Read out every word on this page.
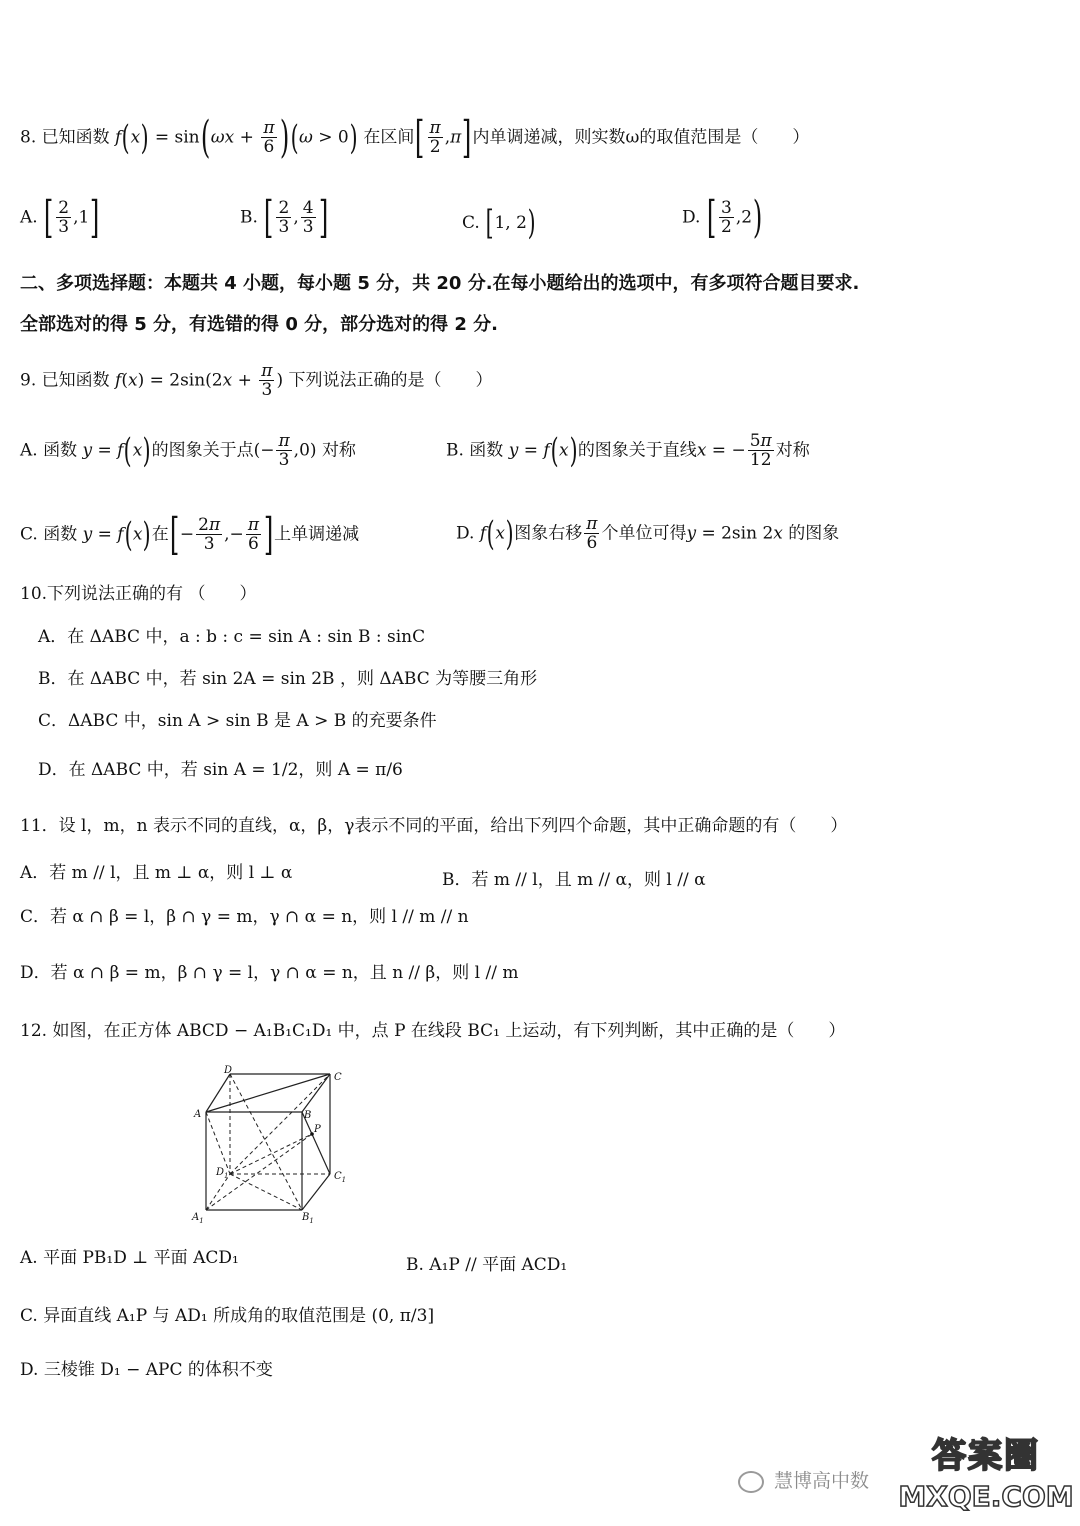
8. 已知函数 $f(x) = \sin(\omega x + \frac{\pi}{6} )(\omega > 0)$ 在区间[ $\frac{\pi}{2} ,\pi$]内单调递减，则实数ω的取值范围是（　　）
A. [ $\frac{2}{3} ,1$]	B. [ $\frac{2}{3}$ , $\frac{4}{3}$ ]	C. [1, 2)	D. [ $\frac{3}{2} ,2$)
二、多项选择题：本题共 4 小题，每小题 5 分，共 20 分.在每小题给出的选项中，有多项符合题目要求.
全部选对的得 5 分，有选错的得 0 分，部分选对的得 2 分.
9. 已知函数 $f(x) = 2\sin(2x + \frac{\pi}{3}$ ) 下列说法正确的是（　　）
A. 函数 y = f(x)的图象关于点(− $\frac{\pi}{3} ,0$) 对称	B. 函数 y = f(x)的图象关于直线x = − $\frac{5\pi}{12}$ 对称
C. 函数 y = f(x)在[− $\frac{2\pi}{3}$ ,− $\frac{\pi}{6}$ ]上单调递减	D. f(x)图象右移 $\frac{\pi}{6}$ 个单位可得y = 2sin 2x 的图象
10.下列说法正确的有 （　　）
A．在 ΔABC 中，a : b : c = sin A : sin B : sinC
B．在 ΔABC 中，若 sin 2A = sin 2B ，则 ΔABC 为等腰三角形
C．ΔABC 中，sin A > sin B 是 A > B 的充要条件
D．在 ΔABC 中，若 sin A = 1/2，则 A = π/6
11．设 l，m，n 表示不同的直线，α，β，γ表示不同的平面，给出下列四个命题，其中正确命题的有（　　）
A．若 m // l，且 m ⊥ α，则 l ⊥ α	B．若 m // l，且 m // α，则 l // α
C．若 α ∩ β = l，β ∩ γ = m，γ ∩ α = n，则 l // m // n
D．若 α ∩ β = m，β ∩ γ = l，γ ∩ α = n，且 n // β，则 l // m
12. 如图，在正方体 ABCD − A₁B₁C₁D₁ 中，点 P 在线段 BC₁ 上运动，有下列判断，其中正确的是（　　）
D
C
A	B
P
$D_1$	$C_1$
$A_1$	$B_1$
A. 平面 PB₁D ⊥ 平面 ACD₁	B. A₁P // 平面 ACD₁
C. 异面直线 A₁P 与 AD₁ 所成角的取值范围是 (0, π/3]
D. 三棱锥 D₁ − APC 的体积不变
慧博高中数
答案圈
MXQE.COM
